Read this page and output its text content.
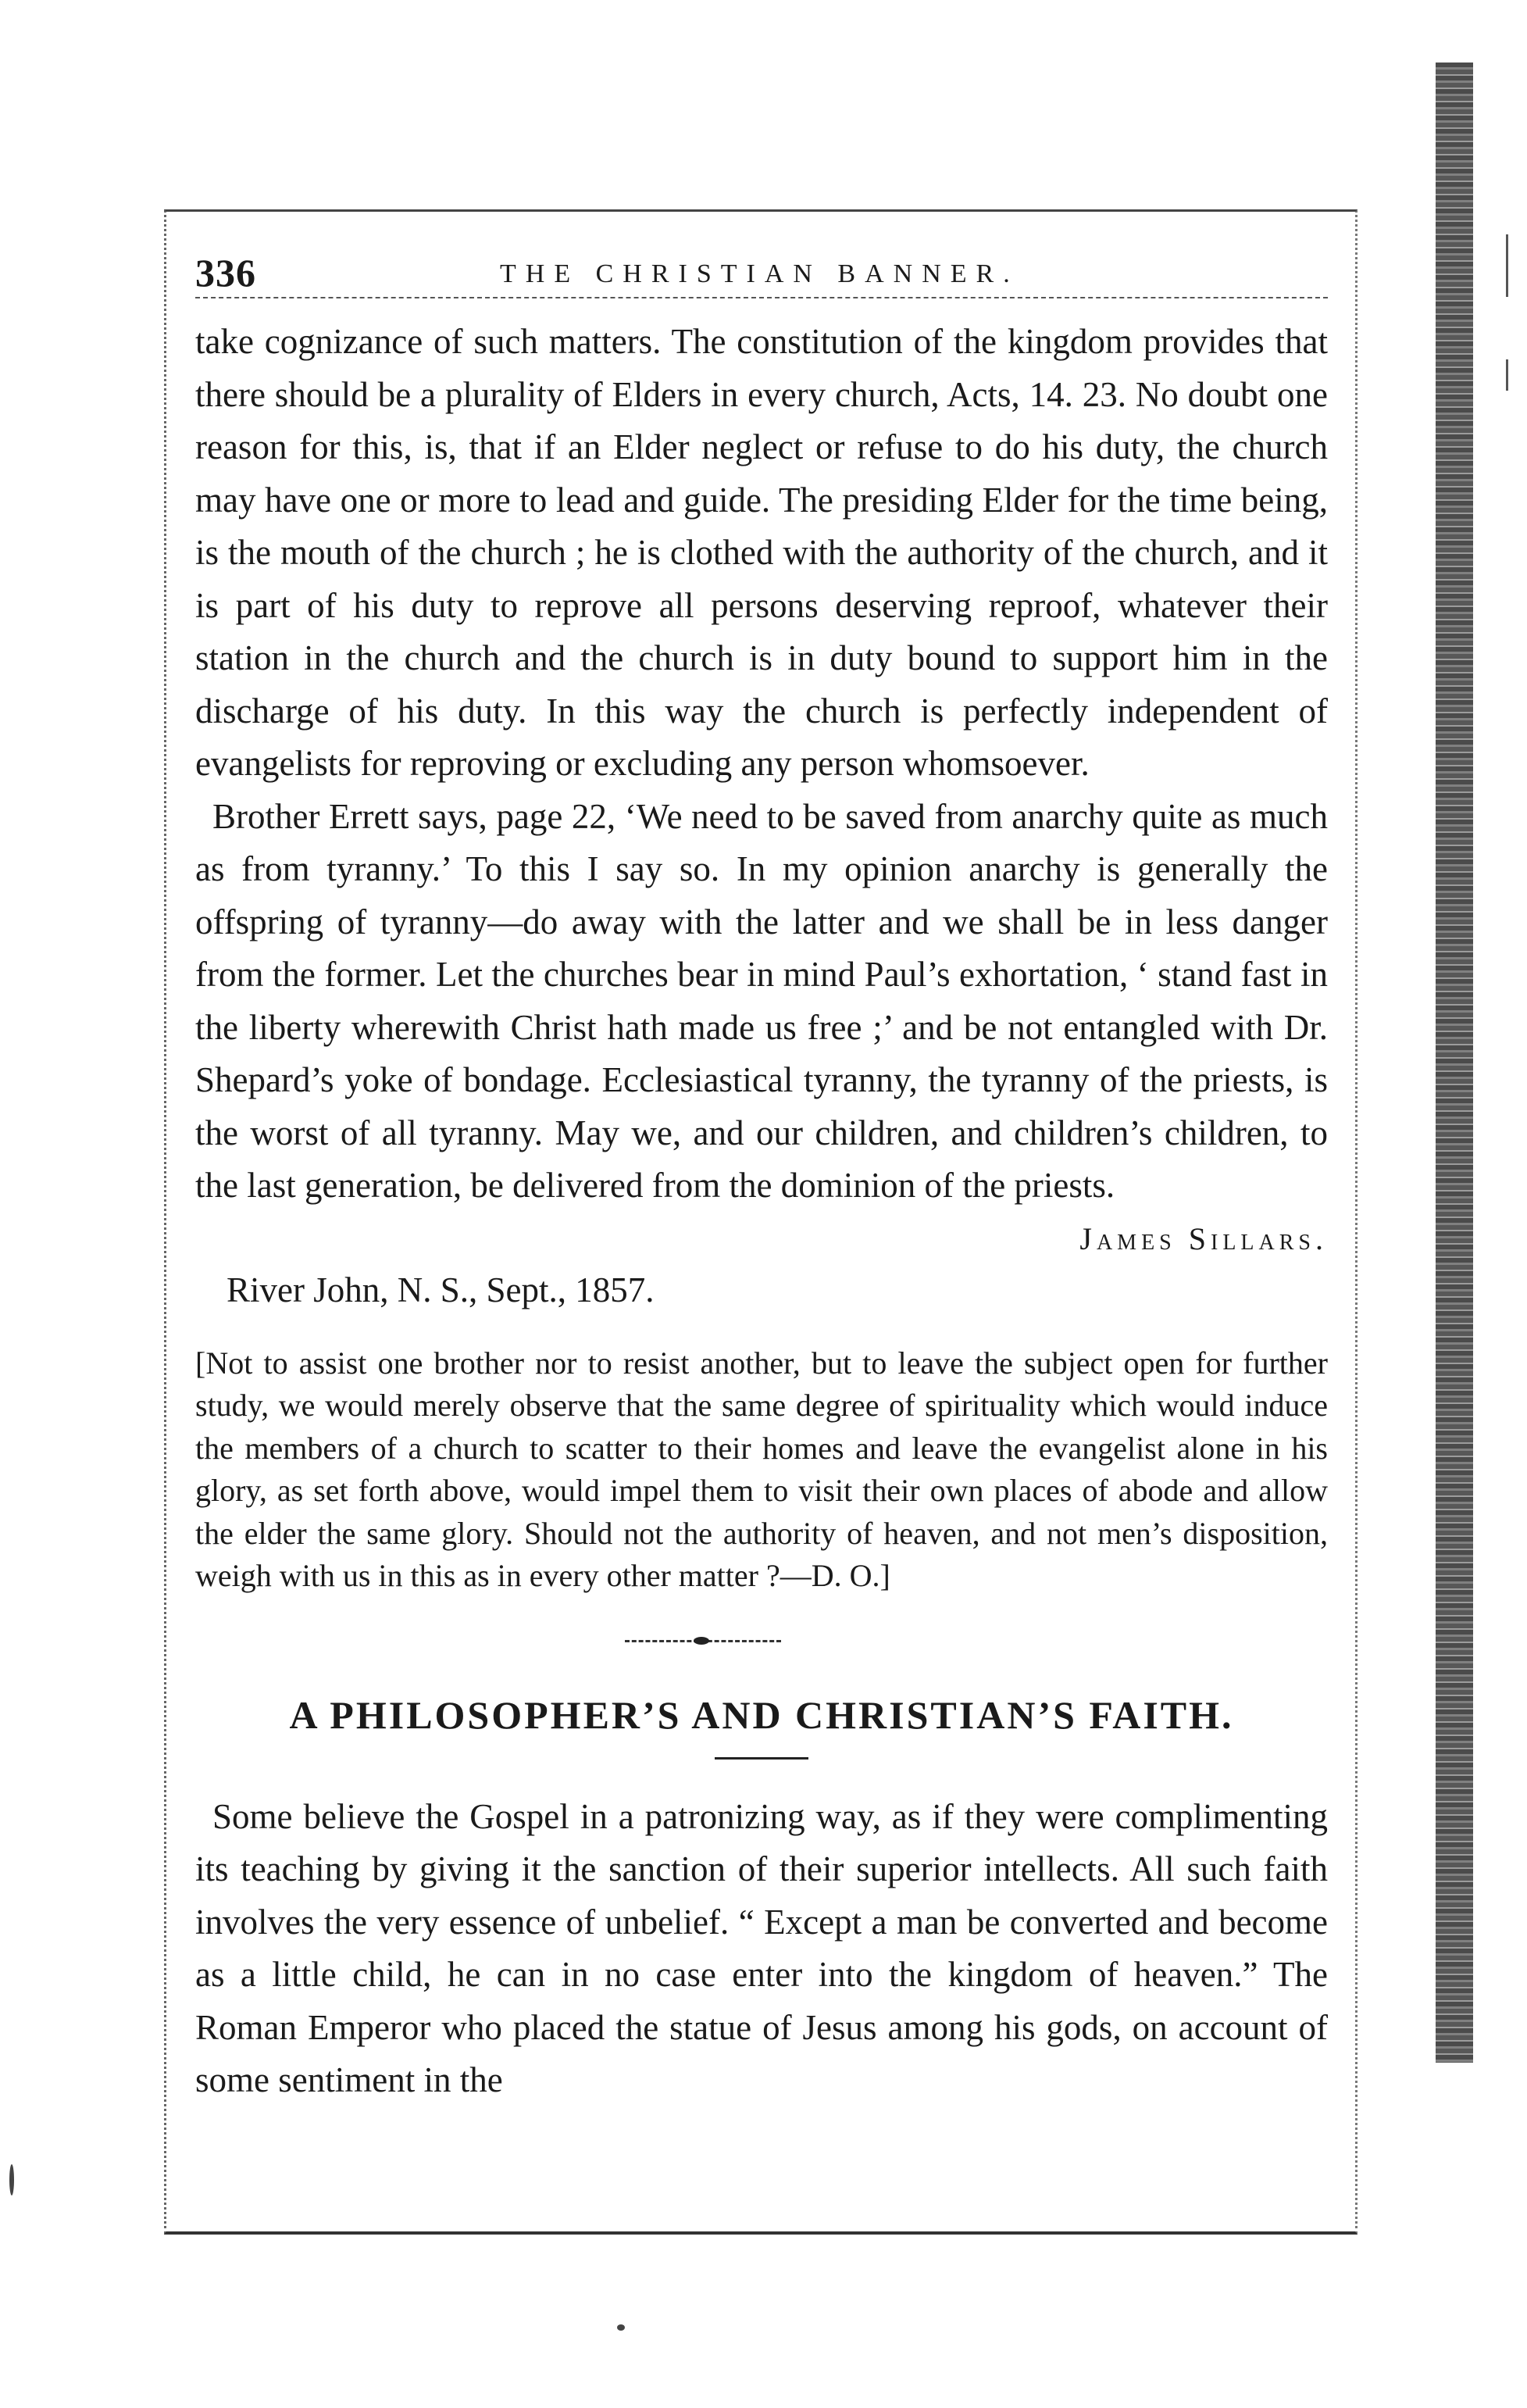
336	THE CHRISTIAN BANNER.

take cognizance of such matters. The constitution of the kingdom provides that there should be a plurality of Elders in every church, Acts, 14. 23. No doubt one reason for this, is, that if an Elder neglect or refuse to do his duty, the church may have one or more to lead and guide. The presiding Elder for the time being, is the mouth of the church ; he is clothed with the authority of the church, and it is part of his duty to reprove all persons deserving reproof, whatever their station in the church and the church is in duty bound to support him in the discharge of his duty. In this way the church is perfectly independent of evangelists for reproving or excluding any person whomsoever.

Brother Errett says, page 22, ‘We need to be saved from anarchy quite as much as from tyranny.’ To this I say so. In my opinion anarchy is generally the offspring of tyranny—do away with the latter and we shall be in less danger from the former. Let the churches bear in mind Paul’s exhortation, ‘ stand fast in the liberty wherewith Christ hath made us free ;’ and be not entangled with Dr. Shepard’s yoke of bondage. Ecclesiastical tyranny, the tyranny of the priests, is the worst of all tyranny. May we, and our children, and children’s children, to the last generation, be delivered from the dominion of the priests.

James Sillars.

River John, N. S., Sept., 1857.

[Not to assist one brother nor to resist another, but to leave the subject open for further study, we would merely observe that the same degree of spirituality which would induce the members of a church to scatter to their homes and leave the evangelist alone in his glory, as set forth above, would impel them to visit their own places of abode and allow the elder the same glory. Should not the authority of heaven, and not men’s disposition, weigh with us in this as in every other matter ?—D. O.]

A PHILOSOPHER’S AND CHRISTIAN’S FAITH.

Some believe the Gospel in a patronizing way, as if they were complimenting its teaching by giving it the sanction of their superior intellects. All such faith involves the very essence of unbelief. “ Except a man be converted and become as a little child, he can in no case enter into the kingdom of heaven.” The Roman Emperor who placed the statue of Jesus among his gods, on account of some sentiment in the
